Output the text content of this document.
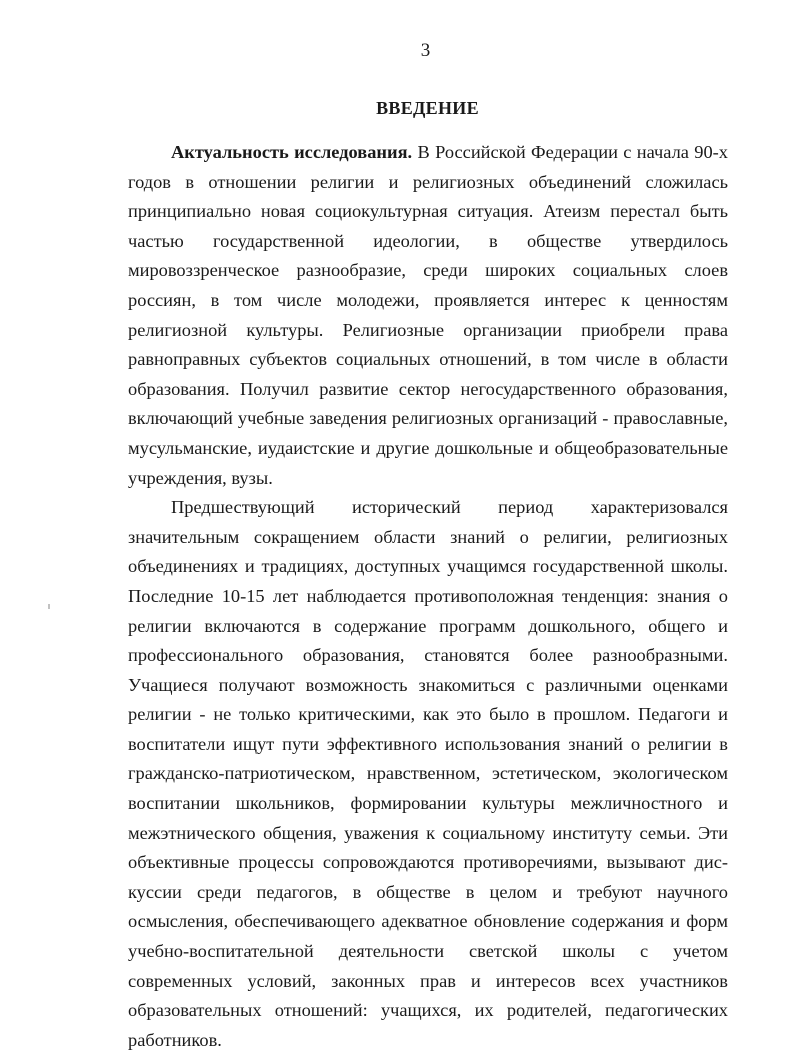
3
ВВЕДЕНИЕ

Актуальность исследования. В Российской Федерации с начала 90-х годов в отношении религии и религиозных объединений сложилась принципиально новая социокультурная ситуация. Атеизм перестал быть частью государственной идеологии, в обществе утвердилось мировоззренческое разнообразие, среди широких социальных слоев россиян, в том числе молодежи, проявляется интерес к ценностям религиозной культуры. Религиозные организации приобрели права равноправных субъектов социальных отношений, в том числе в области образования. Получил развитие сектор негосударственного образования, включающий учебные заведения религиозных организаций - православные, мусульманские, иудаистские и другие дошкольные и общеобразовательные учреждения, вузы.

Предшествующий исторический период характеризовался значительным сокращением области знаний о религии, религиозных объединениях и традициях, доступных учащимся государственной школы. Последние 10-15 лет наблюдается противоположная тенденция: знания о религии включаются в содержание программ дошкольного, общего и профессионального образования, становятся более разнообразными. Учащиеся получают возможность знакомиться с различными оценками религии - не только критическими, как это было в прошлом. Педагоги и воспитатели ищут пути эффективного использования знаний о религии в гражданско-патриотическом, нравственном, эстетическом, экологическом воспитании школьников, формировании культуры межличностного и межэтнического общения, уважения к социальному институту семьи. Эти объективные процессы сопровождаются противоречиями, вызывают дискуссии среди педагогов, в обществе в целом и требуют научного осмысления, обеспечивающего адекватное обновление содержания и форм учебно-воспитательной деятельности светской школы с учетом современных условий, законных прав и интересов всех участников образовательных отношений: учащихся, их родителей, педагогических работников.
